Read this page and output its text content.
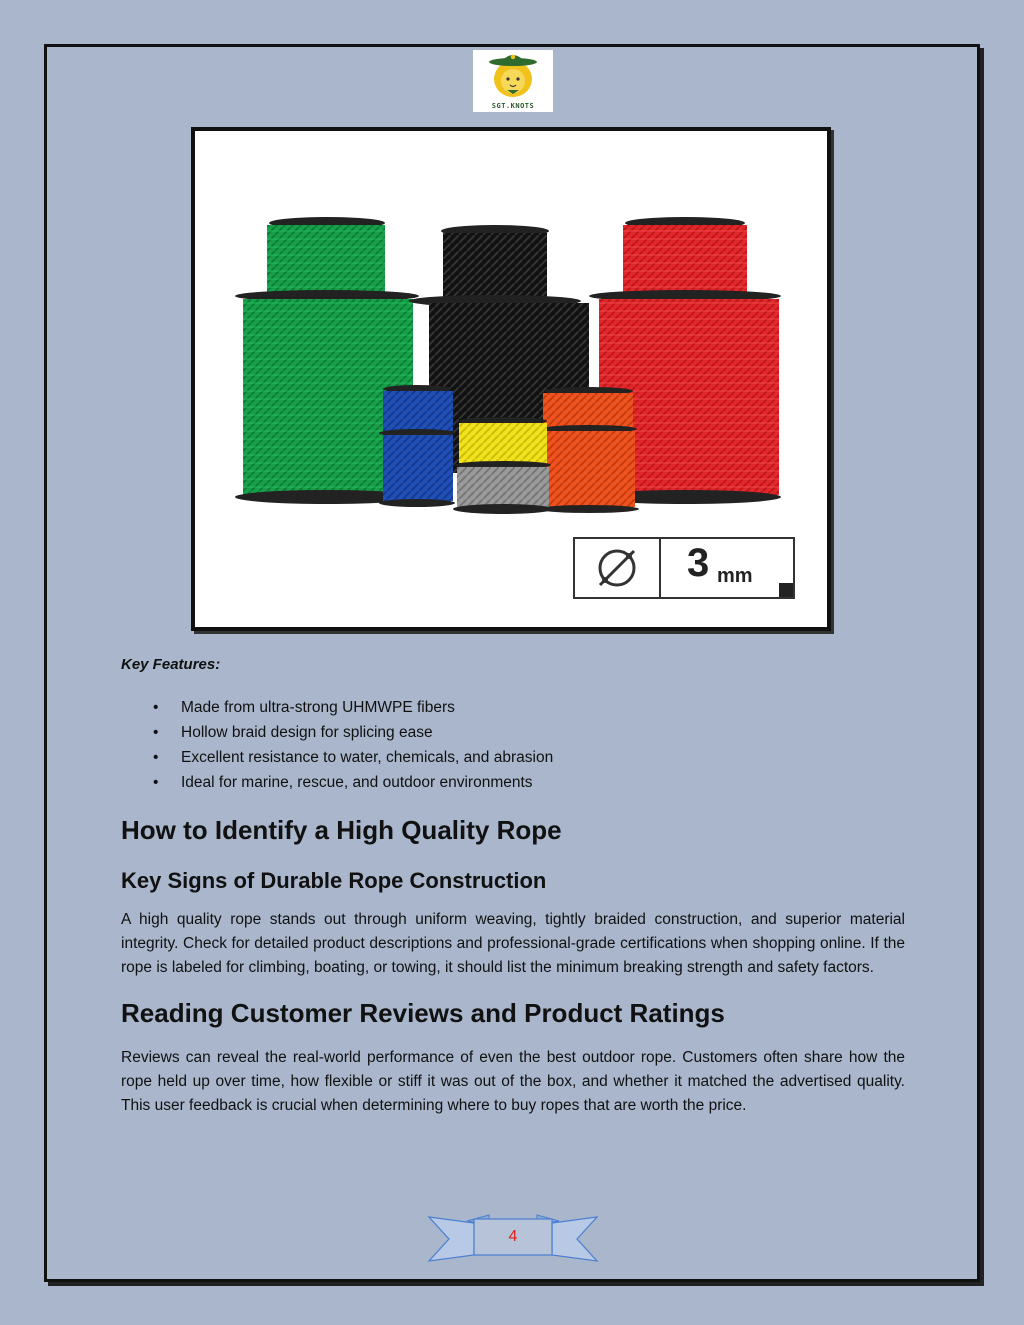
SGT.KNOTS
3 mm
Key Features:
• Made from ultra-strong UHMWPE fibers
• Hollow braid design for splicing ease
• Excellent resistance to water, chemicals, and abrasion
• Ideal for marine, rescue, and outdoor environments
How to Identify a High Quality Rope
Key Signs of Durable Rope Construction

A high quality rope stands out through uniform weaving, tightly braided construction, and superior material integrity. Check for detailed product descriptions and professional-grade certifications when shopping online. If the rope is labeled for climbing, boating, or towing, it should list the minimum breaking strength and safety factors.

Reading Customer Reviews and Product Ratings

Reviews can reveal the real-world performance of even the best outdoor rope. Customers often share how the rope held up over time, how flexible or stiff it was out of the box, and whether it matched the advertised quality. This user feedback is crucial when determining where to buy ropes that are worth the price.

4
